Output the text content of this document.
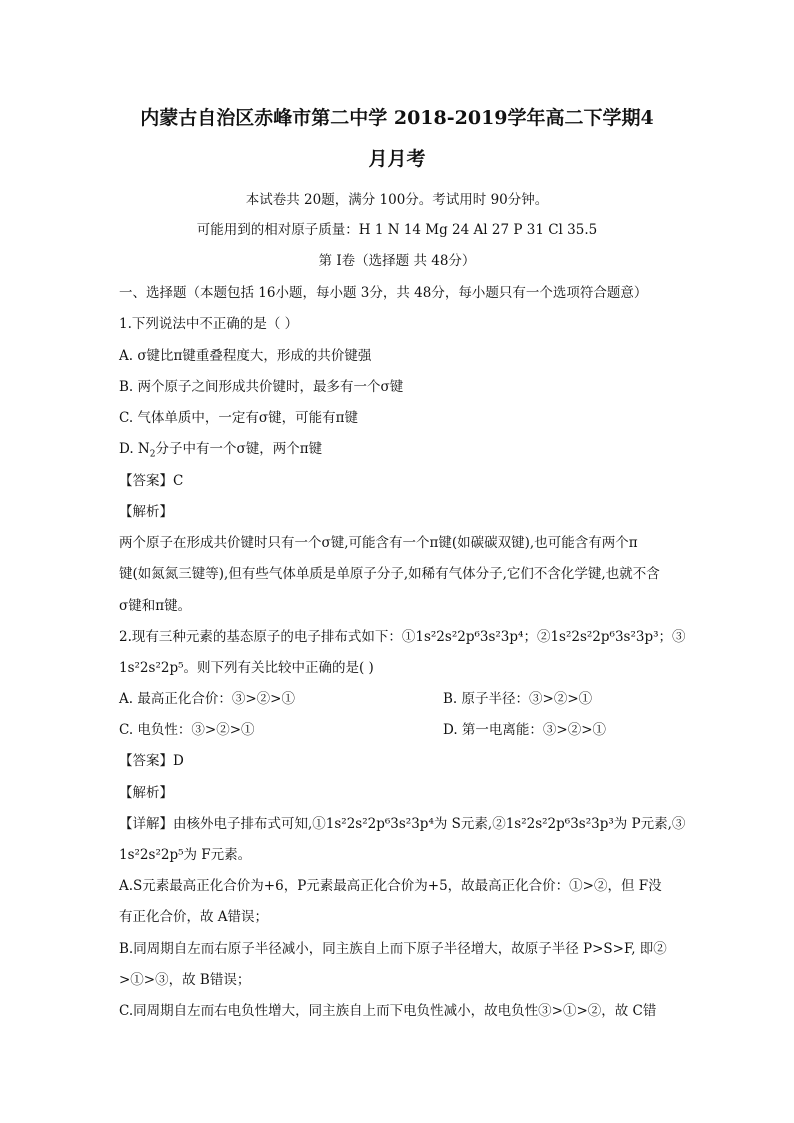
内蒙古自治区赤峰市第二中学 2018-2019学年高二下学期4
月月考
本试卷共 20题，满分 100分。考试用时 90分钟。
可能用到的相对原子质量：H 1 N 14 Mg 24 Al 27 P 31 Cl 35.5
第 I卷（选择题 共 48分）
一、选择题（本题包括 16小题，每小题 3分，共 48分，每小题只有一个选项符合题意）
1.下列说法中不正确的是（ ）
A. σ键比π键重叠程度大，形成的共价键强
B. 两个原子之间形成共价键时，最多有一个σ键
C. 气体单质中，一定有σ键，可能有π键
D. $N_2$分子中有一个σ键，两个π键
【答案】C
【解析】
两个原子在形成共价键时只有一个σ键,可能含有一个π键(如碳碳双键),也可能含有两个π
键(如氮氮三键等),但有些气体单质是单原子分子,如稀有气体分子,它们不含化学键,也就不含
σ键和π键。
2.现有三种元素的基态原子的电子排布式如下：①1s²2s²2p⁶3s²3p⁴；②1s²2s²2p⁶3s²3p³；③
1s²2s²2p⁵。则下列有关比较中正确的是( )
A. 最高正化合价：③>②>①	B. 原子半径：③>②>①
C. 电负性：③>②>①	D. 第一电离能：③>②>①
【答案】D
【解析】
【详解】由核外电子排布式可知,①1s²2s²2p⁶3s²3p⁴为 S元素,②1s²2s²2p⁶3s²3p³为 P元素,③
1s²2s²2p⁵为 F元素。
A.S元素最高正化合价为+6，P元素最高正化合价为+5，故最高正化合价：①>②，但 F没
有正化合价，故 A错误；
B.同周期自左而右原子半径减小，同主族自上而下原子半径增大，故原子半径 P>S>F, 即②
>①>③，故 B错误；
C.同周期自左而右电负性增大，同主族自上而下电负性减小，故电负性③>①>②，故 C错
